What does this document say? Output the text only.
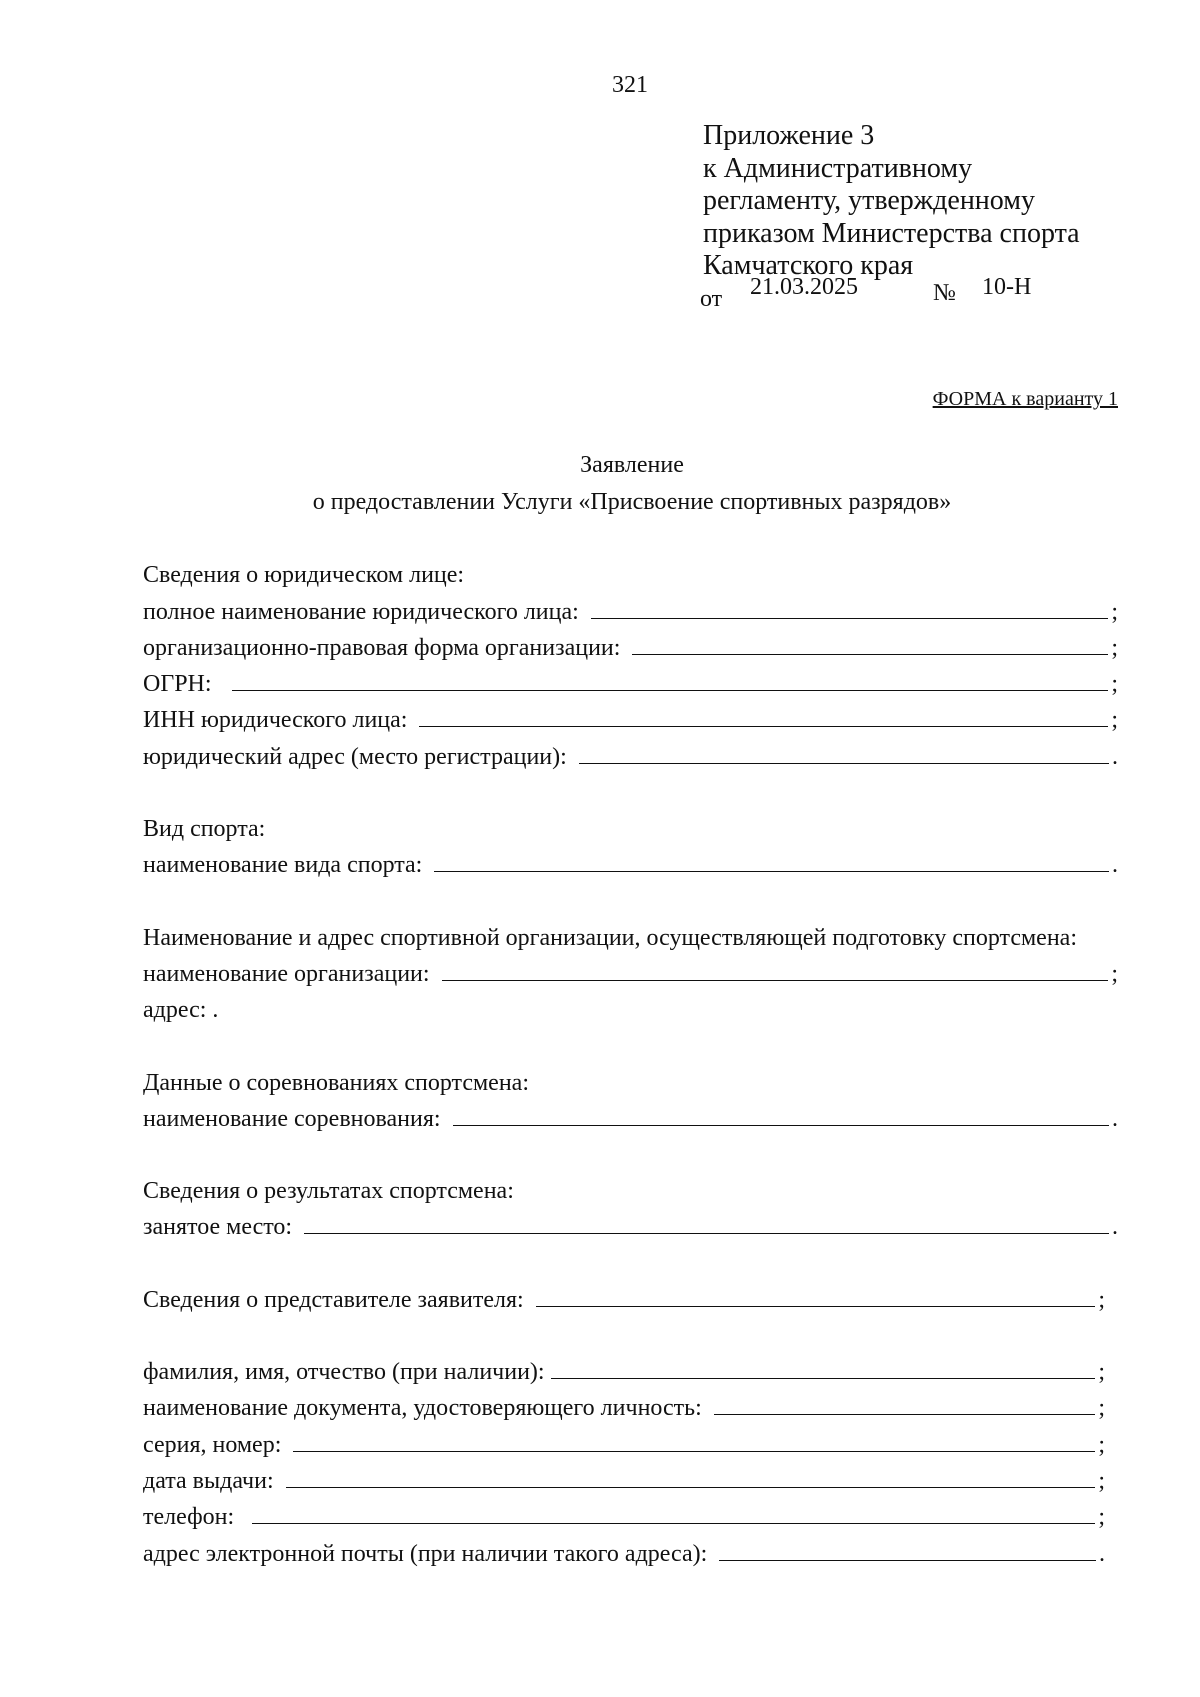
321
Приложение 3
к Административному
регламенту, утвержденному
приказом Министерства спорта
Камчатского края
от 21.03.2025	№ 10-Н
ФОРМА к варианту 1
Заявление
о предоставлении Услуги «Присвоение спортивных разрядов»
Сведения о юридическом лице:
полное наименование юридического лица:	;
организационно-правовая форма организации:	;
ОГРН:	;
ИНН юридического лица:	;
юридический адрес (место регистрации):	.
Вид спорта:
наименование вида спорта:	.
Наименование и адрес спортивной организации, осуществляющей подготовку спортсмена:
наименование организации:	;
адрес: .
Данные о соревнованиях спортсмена:
наименование соревнования:	.
Сведения о результатах спортсмена:
занятое место:	.
Сведения о представителе заявителя:	;
фамилия, имя, отчество (при наличии):	;
наименование документа, удостоверяющего личность:	;
серия, номер:	;
дата выдачи:	;
телефон:	;
адрес электронной почты (при наличии такого адреса):	.
